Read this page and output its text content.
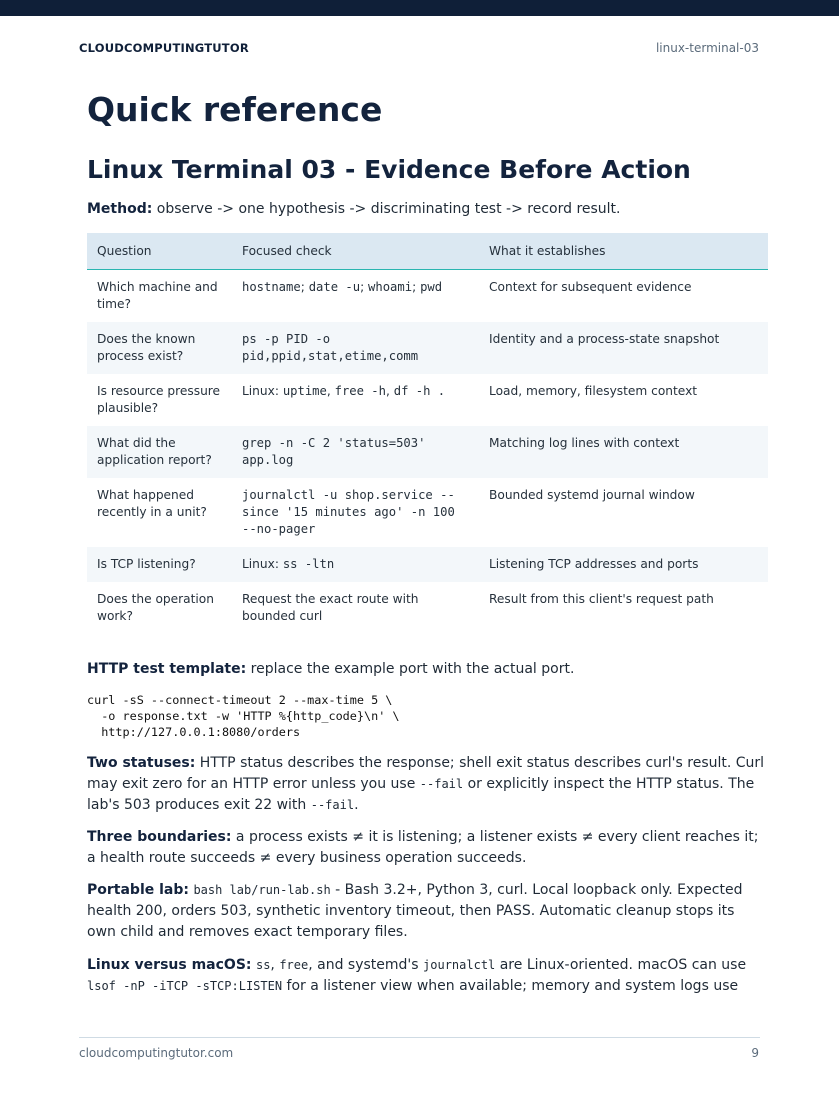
CLOUDCOMPUTINGTUTOR	linux-terminal-03
Quick reference
Linux Terminal 03 - Evidence Before Action
Method: observe -> one hypothesis -> discriminating test -> record result.
Question	Focused check	What it establishes
Which machine and time?	hostname; date -u; whoami; pwd	Context for subsequent evidence
Does the known process exist?	ps -p PID -o pid,ppid,stat,etime,comm	Identity and a process-state snapshot
Is resource pressure plausible?	Linux: uptime, free -h, df -h .	Load, memory, filesystem context
What did the application report?	grep -n -C 2 'status=503' app.log	Matching log lines with context
What happened recently in a unit?	journalctl -u shop.service --since '15 minutes ago' -n 100 --no-pager	Bounded systemd journal window
Is TCP listening?	Linux: ss -ltn	Listening TCP addresses and ports
Does the operation work?	Request the exact route with bounded curl	Result from this client's request path
HTTP test template: replace the example port with the actual port.
curl -sS --connect-timeout 2 --max-time 5 \
-o response.txt -w 'HTTP %{http_code}\n' \
http://127.0.0.1:8080/orders
Two statuses: HTTP status describes the response; shell exit status describes curl's result. Curl may exit zero for an HTTP error unless you use --fail or explicitly inspect the HTTP status. The lab's 503 produces exit 22 with --fail.
Three boundaries: a process exists ≠ it is listening; a listener exists ≠ every client reaches it; a health route succeeds ≠ every business operation succeeds.
Portable lab: bash lab/run-lab.sh - Bash 3.2+, Python 3, curl. Local loopback only. Expected health 200, orders 503, synthetic inventory timeout, then PASS. Automatic cleanup stops its own child and removes exact temporary files.
Linux versus macOS: ss, free, and systemd's journalctl are Linux-oriented. macOS can use lsof -nP -iTCP -sTCP:LISTEN for a listener view when available; memory and system logs use
cloudcomputingtutor.com	9
